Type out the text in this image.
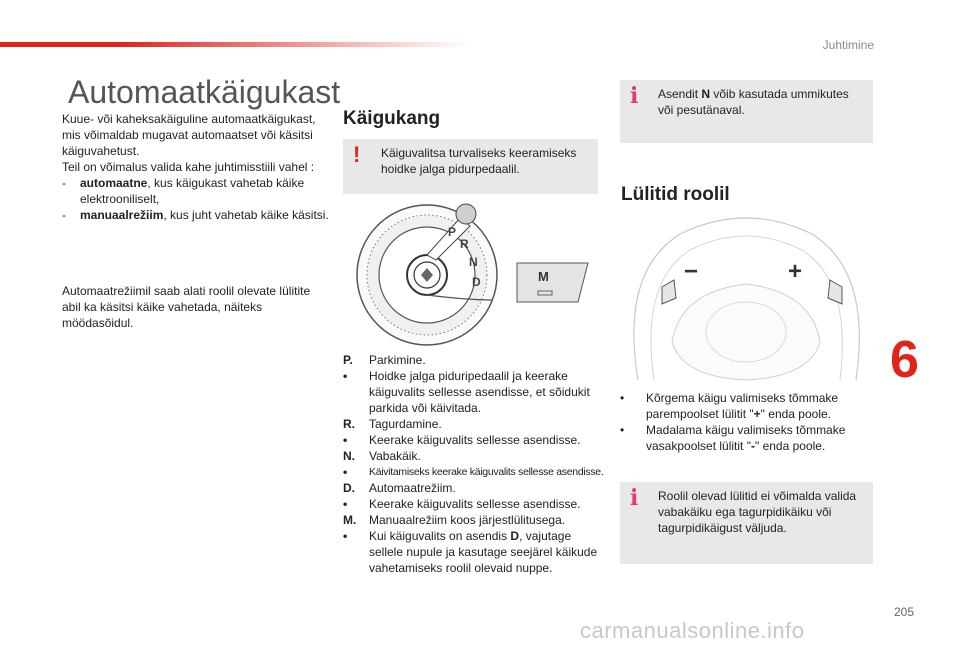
Juhtimine
Automaatkäigukast

Kuue- või kaheksakäiguline automaatkäigukast, mis võimaldab mugavat automaatset või käsitsi käiguvahetust.

Teil on võimalus valida kahe juhtimisstiili vahel :

-	automaatne, kus käigukast vahetab käike elektrooniliselt,
-	manuaalrežiim, kus juht vahetab käike käsitsi.
Automaatrežiimil saab alati roolil olevate lülitite abil ka käsitsi käike vahetada, näiteks möödasõidul.
Käigukang
! Käiguvalitsa turvaliseks keeramiseks hoidke jalga pidurpedaalil.
P
R
N
D	M
P.	Parkimine.
•	Hoidke jalga piduripedaalil ja keerake käiguvalits sellesse asendisse, et sõidukit parkida või käivitada.
R.	Tagurdamine.
•	Keerake käiguvalits sellesse asendisse.
N.	Vabakäik.
•	Käivitamiseks keerake käiguvalits sellesse asendisse.
D.	Automaatrežiim.
•	Keerake käiguvalits sellesse asendisse.
M.	Manuaalrežiim koos järjestlülitusega.
•	Kui käiguvalits on asendis D, vajutage sellele nupule ja kasutage seejärel käikude vahetamiseks roolil olevaid nuppe.
i Asendit N võib kasutada ummikutes või pesutänaval.
Lülitid roolil
−	+
•	Kõrgema käigu valimiseks tõmmake parempoolset lülitit "+" enda poole.
•	Madalama käigu valimiseks tõmmake vasakpoolset lülitit "-" enda poole.
i Roolil olevad lülitid ei võimalda valida vabakäiku ega tagurpidikäiku või tagurpidikäigust väljuda.
6
205
carmanualsonline.info
